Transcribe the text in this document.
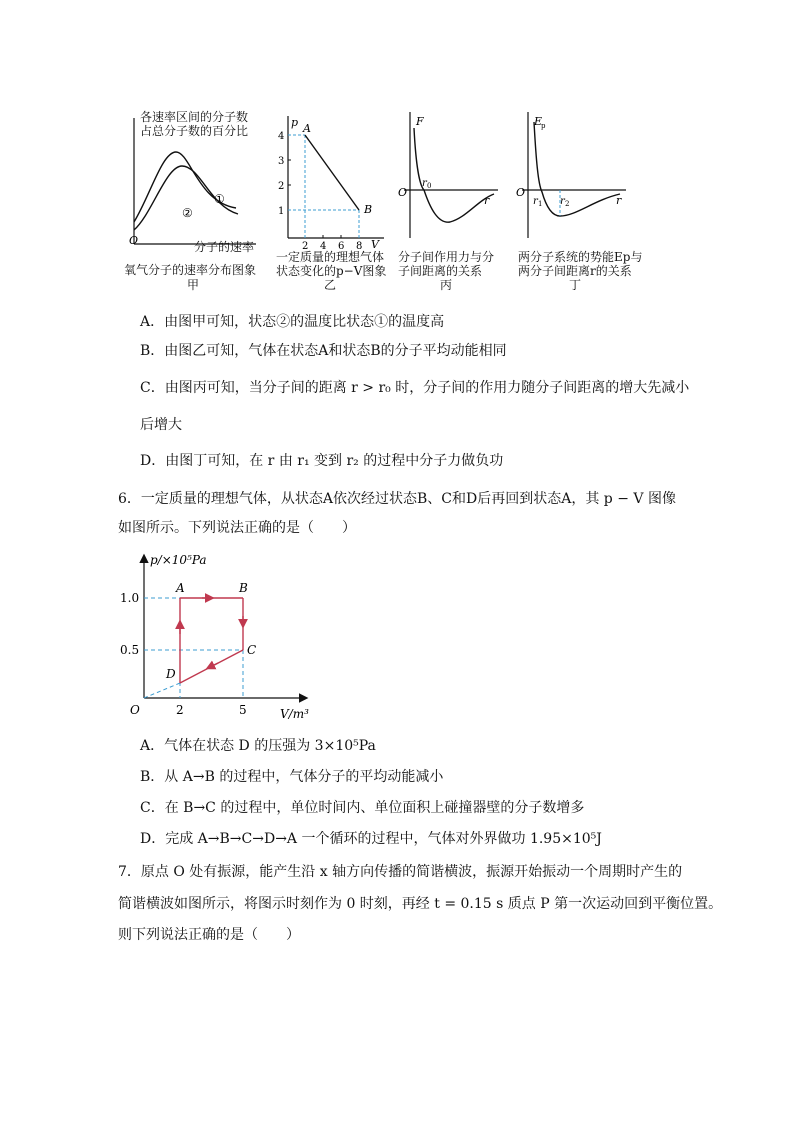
①
②
O
各速率区间的分子数
占总分子数的百分比
分子的速率
氧气分子的速率分布图象
甲
p
V
A
B
2 4 6 8
1
2
3
4
一定质量的理想气体
状态变化的p−V图象
乙
F
O
r 0
r
分子间作用力与分
子间距离的关系
丙
E
p
O
r 1 r 2	r
两分子系统的势能Ep与
两分子间距离r的关系
丁
A．由图甲可知，状态②的温度比状态①的温度高
B．由图乙可知，气体在状态A和状态B的分子平均动能相同
C．由图丙可知，当分子间的距离 r > r₀ 时，分子间的作用力随分子间距离的增大先减小
后增大
D．由图丁可知，在 r 由 r₁ 变到 r₂ 的过程中分子力做负功
6．一定质量的理想气体，从状态A依次经过状态B、C和D后再回到状态A，其 p − V 图像
如图所示。下列说法正确的是（　　）
p/×10⁵Pa
V/m³
O
1.0
0.5
2	5
A	B
C
D
A．气体在状态 D 的压强为 3×10⁵Pa
B．从 A→B 的过程中，气体分子的平均动能减小
C．在 B→C 的过程中，单位时间内、单位面积上碰撞器壁的分子数增多
D．完成 A→B→C→D→A 一个循环的过程中，气体对外界做功 1.95×10⁵J
7．原点 O 处有振源，能产生沿 x 轴方向传播的简谐横波，振源开始振动一个周期时产生的
简谐横波如图所示，将图示时刻作为 0 时刻，再经 t = 0.15 s 质点 P 第一次运动回到平衡位置。
则下列说法正确的是（　　）
